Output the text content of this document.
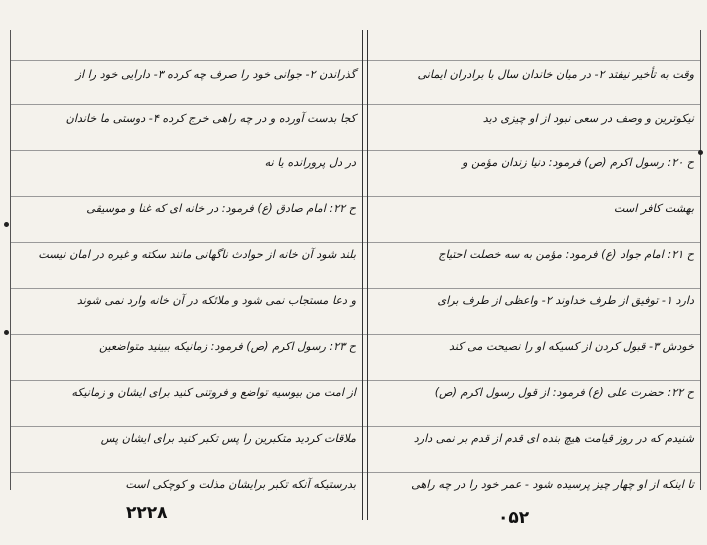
گذراندن ۲- جوانی خود را صرف چه کرده ۳- دارایی خود را از
کجا بدست آورده و در چه راهی خرج کرده ۴- دوستی ما خاندان
در دل پرورانده یا نه
ح ۲۲: امام صادق (ع) فرمود: در خانه ای که غنا و موسیقی
بلند شود آن خانه از حوادث ناگهانی مانند سکته و غیره در امان نیست
و دعا مستجاب نمی شود و ملائکه در آن خانه وارد نمی شوند
ح ۲۳: رسول اکرم (ص) فرمود: زمانیکه ببینید متواضعین
از امت من بیوسیه تواضع و فروتنی کنید برای ایشان و زمانیکه
ملاقات کردید متکبرین را پس تکبر کنید برای ایشان پس
بدرستیکه آنکه تکبر برایشان مذلت و کوچکی است
وقت به تأخیر نیفتد ۲- در میان خاندان سال با برادران ایمانی
نیکوترین و وصف در سعی نبود از او چیزی دید
ح ۲۰: رسول اکرم (ص) فرمود: دنیا زندان مؤمن و
بهشت کافر است
ح ۲۱: امام جواد (ع) فرمود: مؤمن به سه خصلت احتیاج
دارد ۱- توفیق از طرف خداوند ۲- واعظی از طرف برای
خودش ۳- قبول کردن از کسیکه او را نصیحت می کند
ح ۲۲: حضرت علی (ع) فرمود: از قول رسول اکرم (ص)
شنیدم که در روز قیامت هیچ بنده ای قدم از قدم بر نمی دارد
تا اینکه از او چهار چیز پرسیده شود - عمر خود را در چه راهی
۲۲۲۸	۰۵۲
